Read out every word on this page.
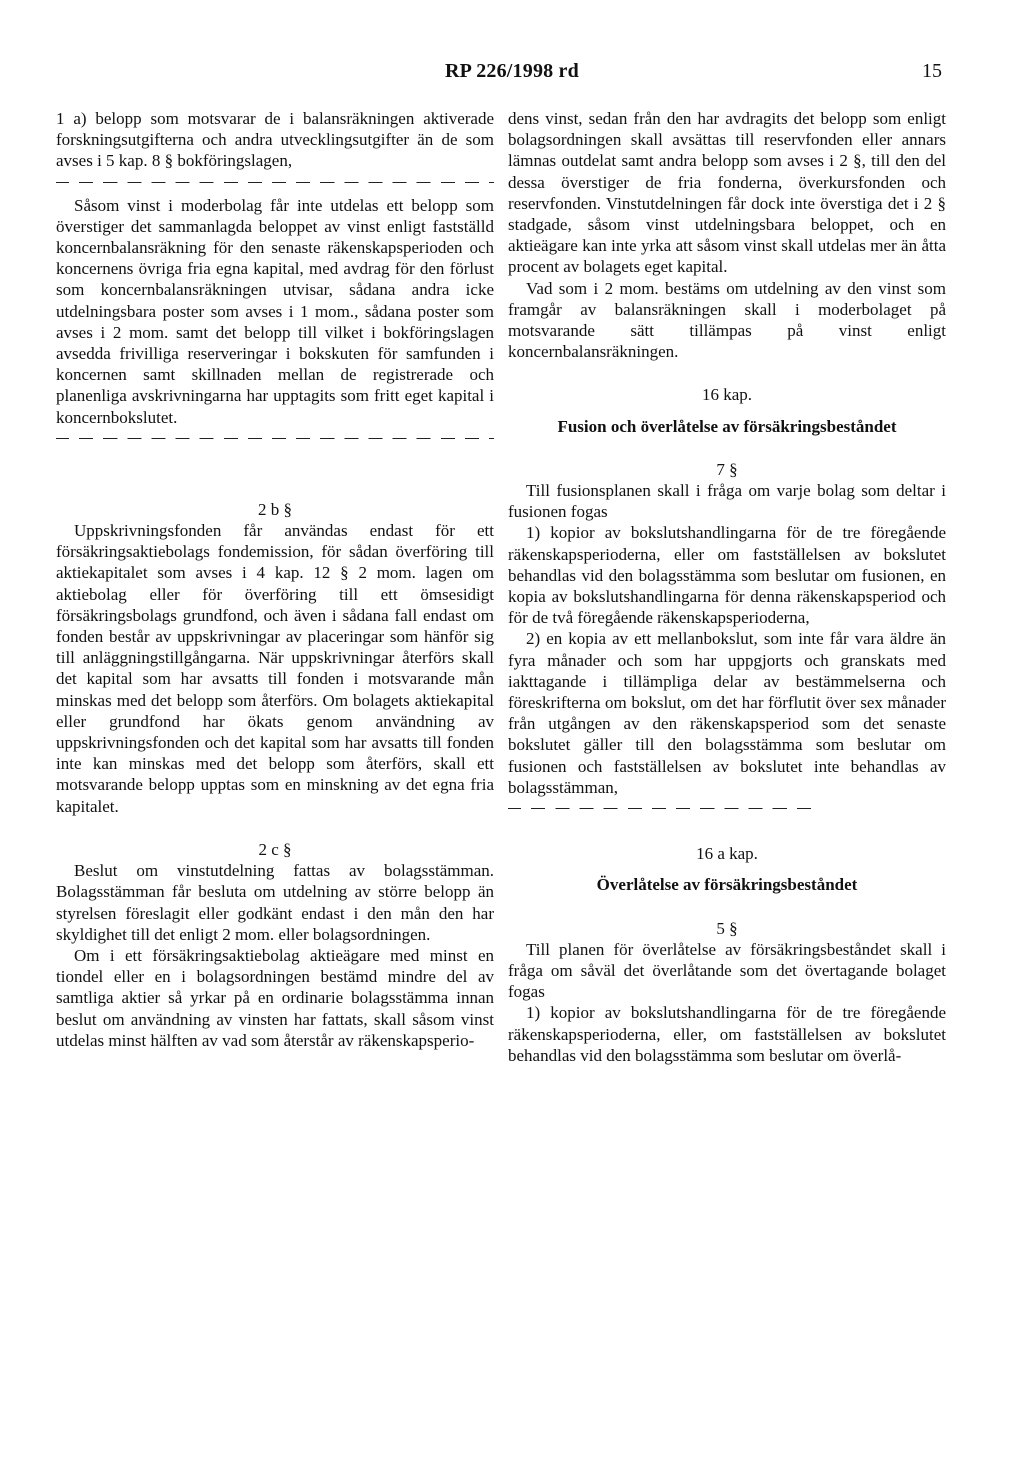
RP 226/1998 rd	15

1 a) belopp som motsvarar de i balansräkningen aktiverade forskningsutgifterna och andra utvecklingsutgifter än de som avses i 5 kap. 8 § bokföringslagen,

Såsom vinst i moderbolag får inte utdelas ett belopp som överstiger det sammanlagda beloppet av vinst enligt fastställd koncernbalansräkning för den senaste räkenskapsperioden och koncernens övriga fria egna kapital, med avdrag för den förlust som koncernbalansräkningen utvisar, sådana andra icke utdelningsbara poster som avses i 1 mom., sådana poster som avses i 2 mom. samt det belopp till vilket i bokföringslagen avsedda frivilliga reserveringar i bokskuten för samfunden i koncernen samt skillnaden mellan de registrerade och planenliga avskrivningarna har upptagits som fritt eget kapital i koncernbokslutet.

2 b §

Uppskrivningsfonden får användas endast för ett försäkringsaktiebolags fondemission, för sådan överföring till aktiekapitalet som avses i 4 kap. 12 § 2 mom. lagen om aktiebolag eller för överföring till ett ömsesidigt försäkringsbolags grundfond, och även i sådana fall endast om fonden består av uppskrivningar av placeringar som hänför sig till anläggningstillgångarna. När uppskrivningar återförs skall det kapital som har avsatts till fonden i motsvarande mån minskas med det belopp som återförs. Om bolagets aktiekapital eller grundfond har ökats genom användning av uppskrivningsfonden och det kapital som har avsatts till fonden inte kan minskas med det belopp som återförs, skall ett motsvarande belopp upptas som en minskning av det egna fria kapitalet.

2 c §

Beslut om vinstutdelning fattas av bolagsstämman. Bolagsstämman får besluta om utdelning av större belopp än styrelsen föreslagit eller godkänt endast i den mån den har skyldighet till det enligt 2 mom. eller bolagsordningen.

Om i ett försäkringsaktiebolag aktieägare med minst en tiondel eller en i bolagsordningen bestämd mindre del av samtliga aktier så yrkar på en ordinarie bolagsstämma innan beslut om användning av vinsten har fattats, skall såsom vinst utdelas minst hälften av vad som återstår av räkenskapsperio-

dens vinst, sedan från den har avdragits det belopp som enligt bolagsordningen skall avsättas till reservfonden eller annars lämnas outdelat samt andra belopp som avses i 2 §, till den del dessa överstiger de fria fonderna, överkursfonden och reservfonden. Vinstutdelningen får dock inte överstiga det i 2 § stadgade, såsom vinst utdelningsbara beloppet, och en aktieägare kan inte yrka att såsom vinst skall utdelas mer än åtta procent av bolagets eget kapital.

Vad som i 2 mom. bestäms om utdelning av den vinst som framgår av balansräkningen skall i moderbolaget på motsvarande sätt tillämpas på vinst enligt koncernbalansräkningen.

16 kap.

Fusion och överlåtelse av försäkringsbeståndet

7 §

Till fusionsplanen skall i fråga om varje bolag som deltar i fusionen fogas

1) kopior av bokslutshandlingarna för de tre föregående räkenskapsperioderna, eller om fastställelsen av bokslutet behandlas vid den bolagsstämma som beslutar om fusionen, en kopia av bokslutshandlingarna för denna räkenskapsperiod och för de två föregående räkenskapsperioderna,

2) en kopia av ett mellanbokslut, som inte får vara äldre än fyra månader och som har uppgjorts och granskats med iakttagande i tillämpliga delar av bestämmelserna och föreskrifterna om bokslut, om det har förflutit över sex månader från utgången av den räkenskapsperiod som det senaste bokslutet gäller till den bolagsstämma som beslutar om fusionen och fastställelsen av bokslutet inte behandlas av bolagsstämman,

16 a kap.

Överlåtelse av försäkringsbeståndet

5 §

Till planen för överlåtelse av försäkringsbeståndet skall i fråga om såväl det överlåtande som det övertagande bolaget fogas

1) kopior av bokslutshandlingarna för de tre föregående räkenskapsperioderna, eller, om fastställelsen av bokslutet behandlas vid den bolagsstämma som beslutar om överlå-
